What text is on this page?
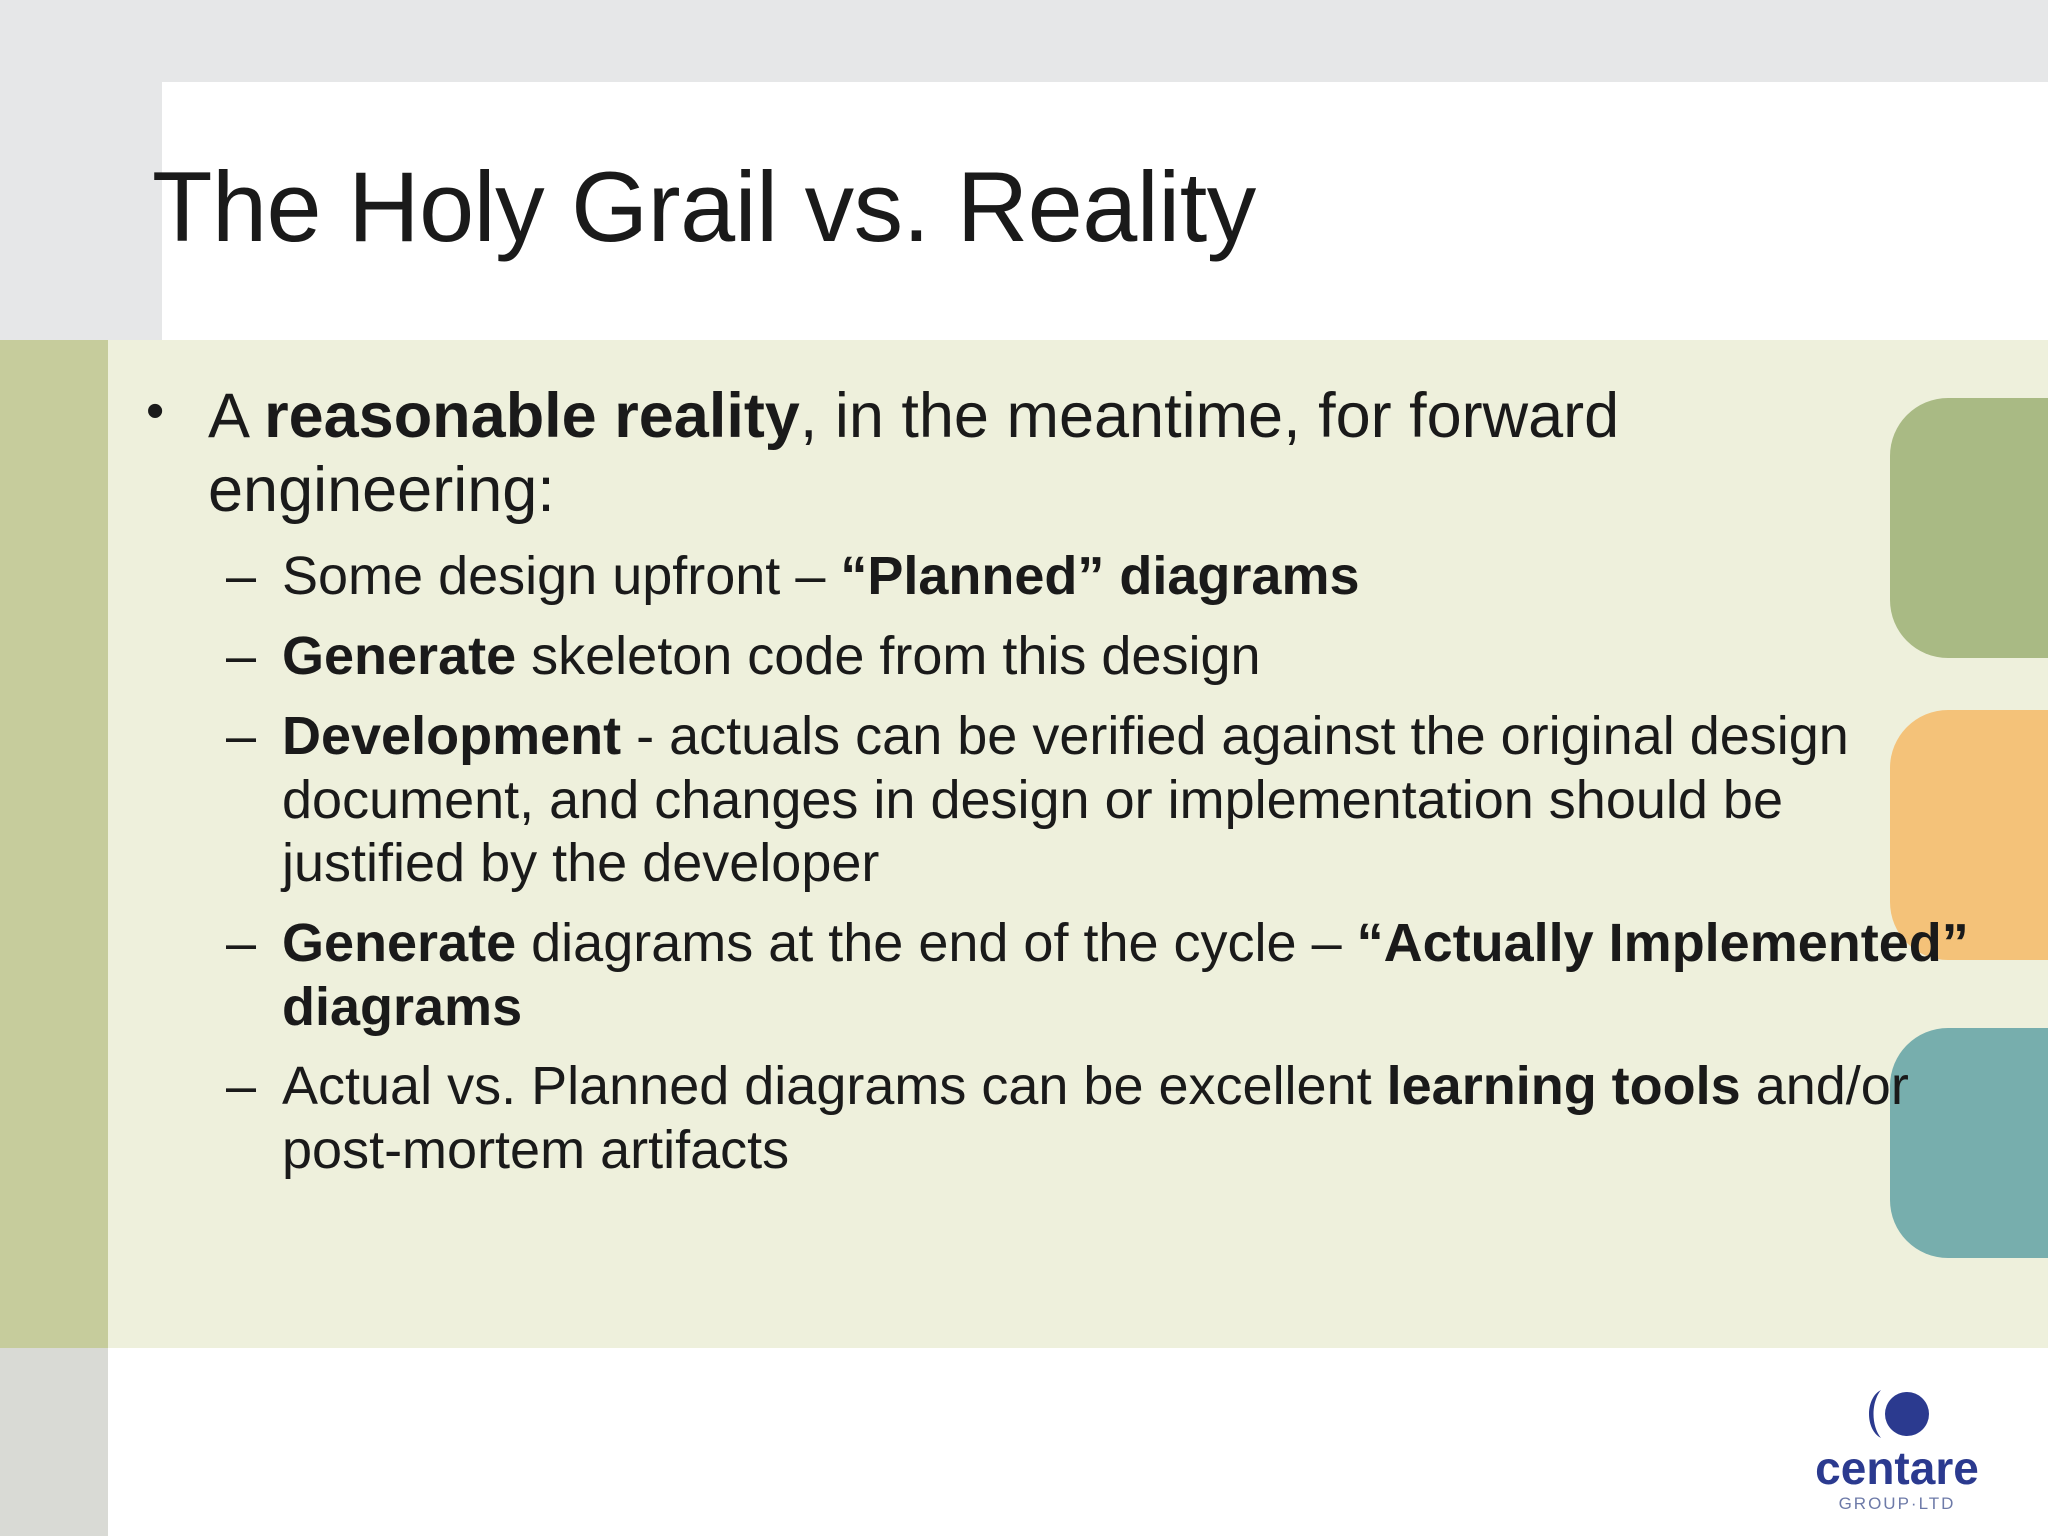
The Holy Grail vs. Reality
• A reasonable reality, in the meantime, for forward engineering:
– Some design upfront – “Planned” diagrams
– Generate skeleton code from this design
– Development - actuals can be verified against the original design document, and changes in design or implementation should be justified by the developer
– Generate diagrams at the end of the cycle – “Actually Implemented” diagrams
– Actual vs. Planned diagrams can be excellent learning tools and/or post-mortem artifacts
centare
GROUP·LTD
